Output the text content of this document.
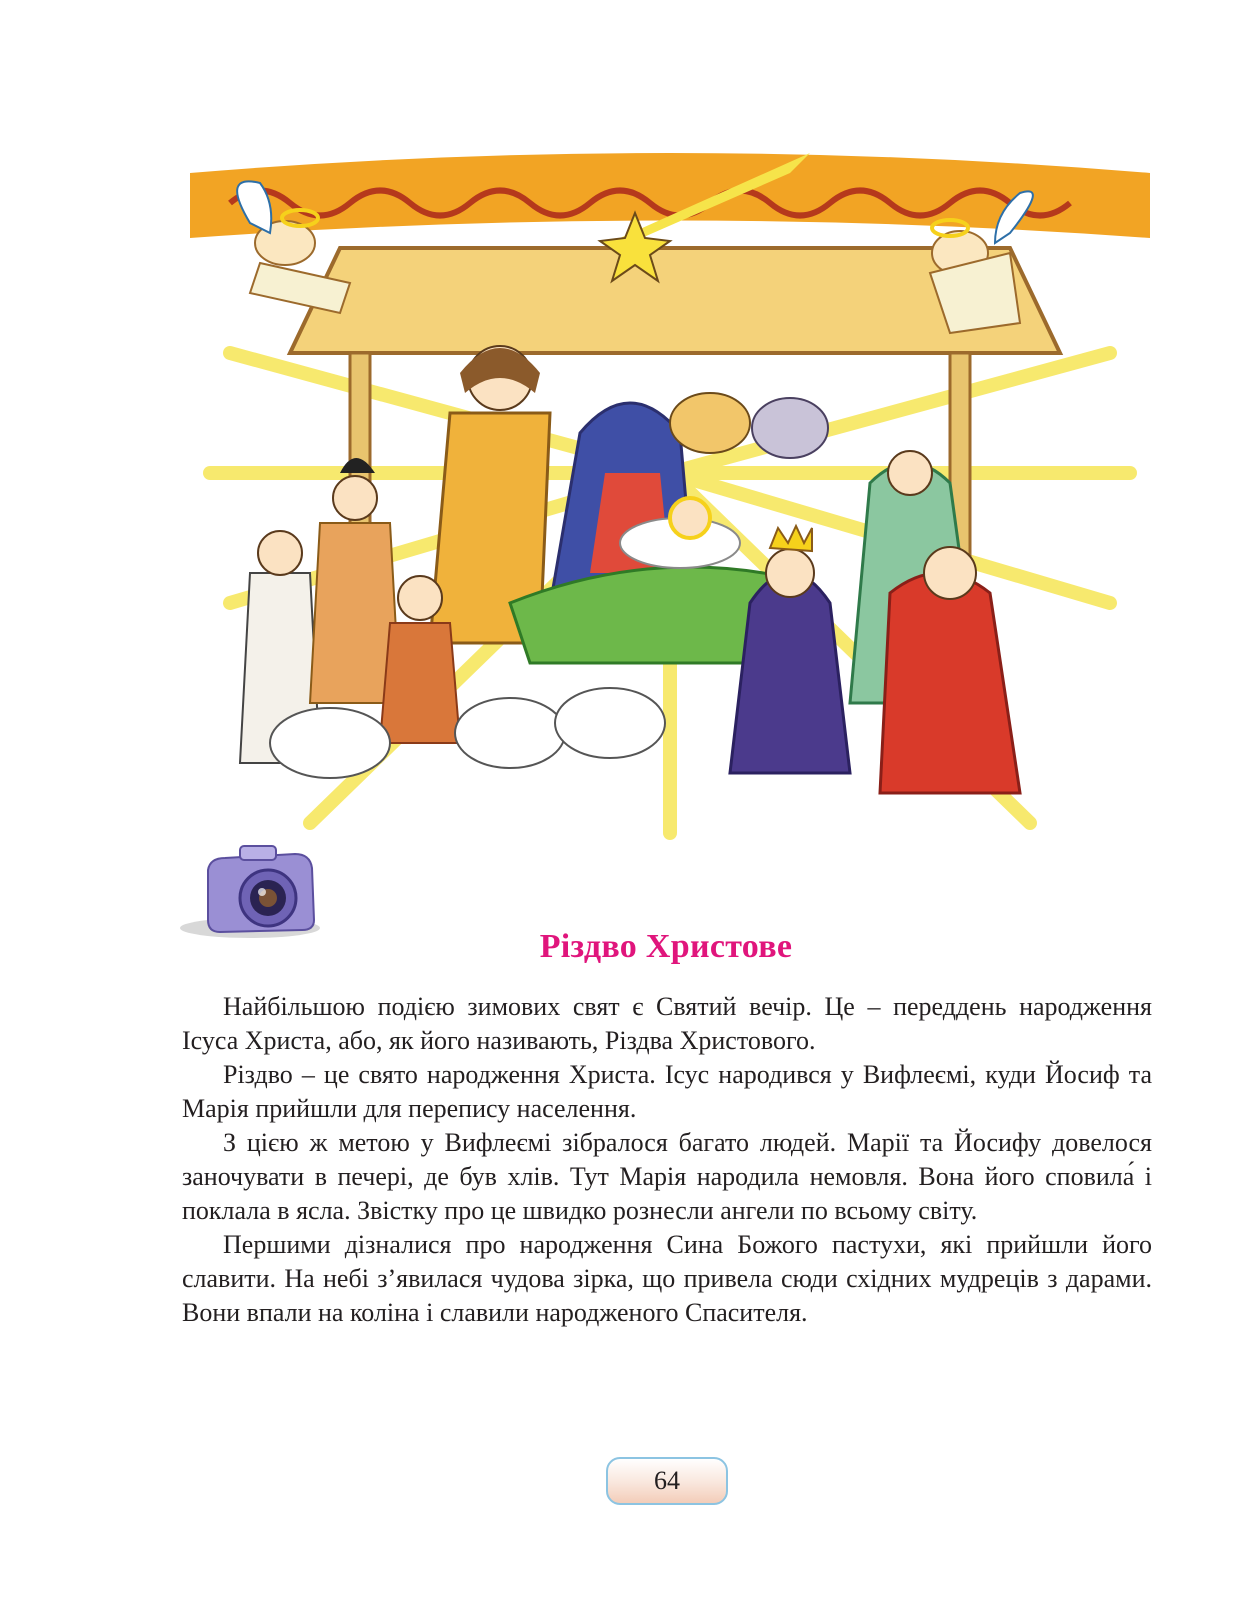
Різдво Христове

Найбільшою подією зимових свят є Святий вечір. Це – переддень народження Ісуса Христа, або, як його називають, Різдва Христового.

Різдво – це свято народження Христа. Ісус народився у Вифлеємі, куди Йосиф та Марія прийшли для перепису населення.

З цією ж метою у Вифлеємі зібралося багато людей. Марії та Йосифу довелося заночувати в печері, де був хлів. Тут Марія народила немовля. Вона його сповила́ і поклала в ясла. Звістку про це швидко рознесли ангели по всьому світу.

Першими дізналися про народження Сина Божого пастухи, які прийшли його славити. На небі з’явилася чудова зірка, що привела сюди східних мудреців з дарами. Вони впали на коліна і славили народженого Спасителя.

64
